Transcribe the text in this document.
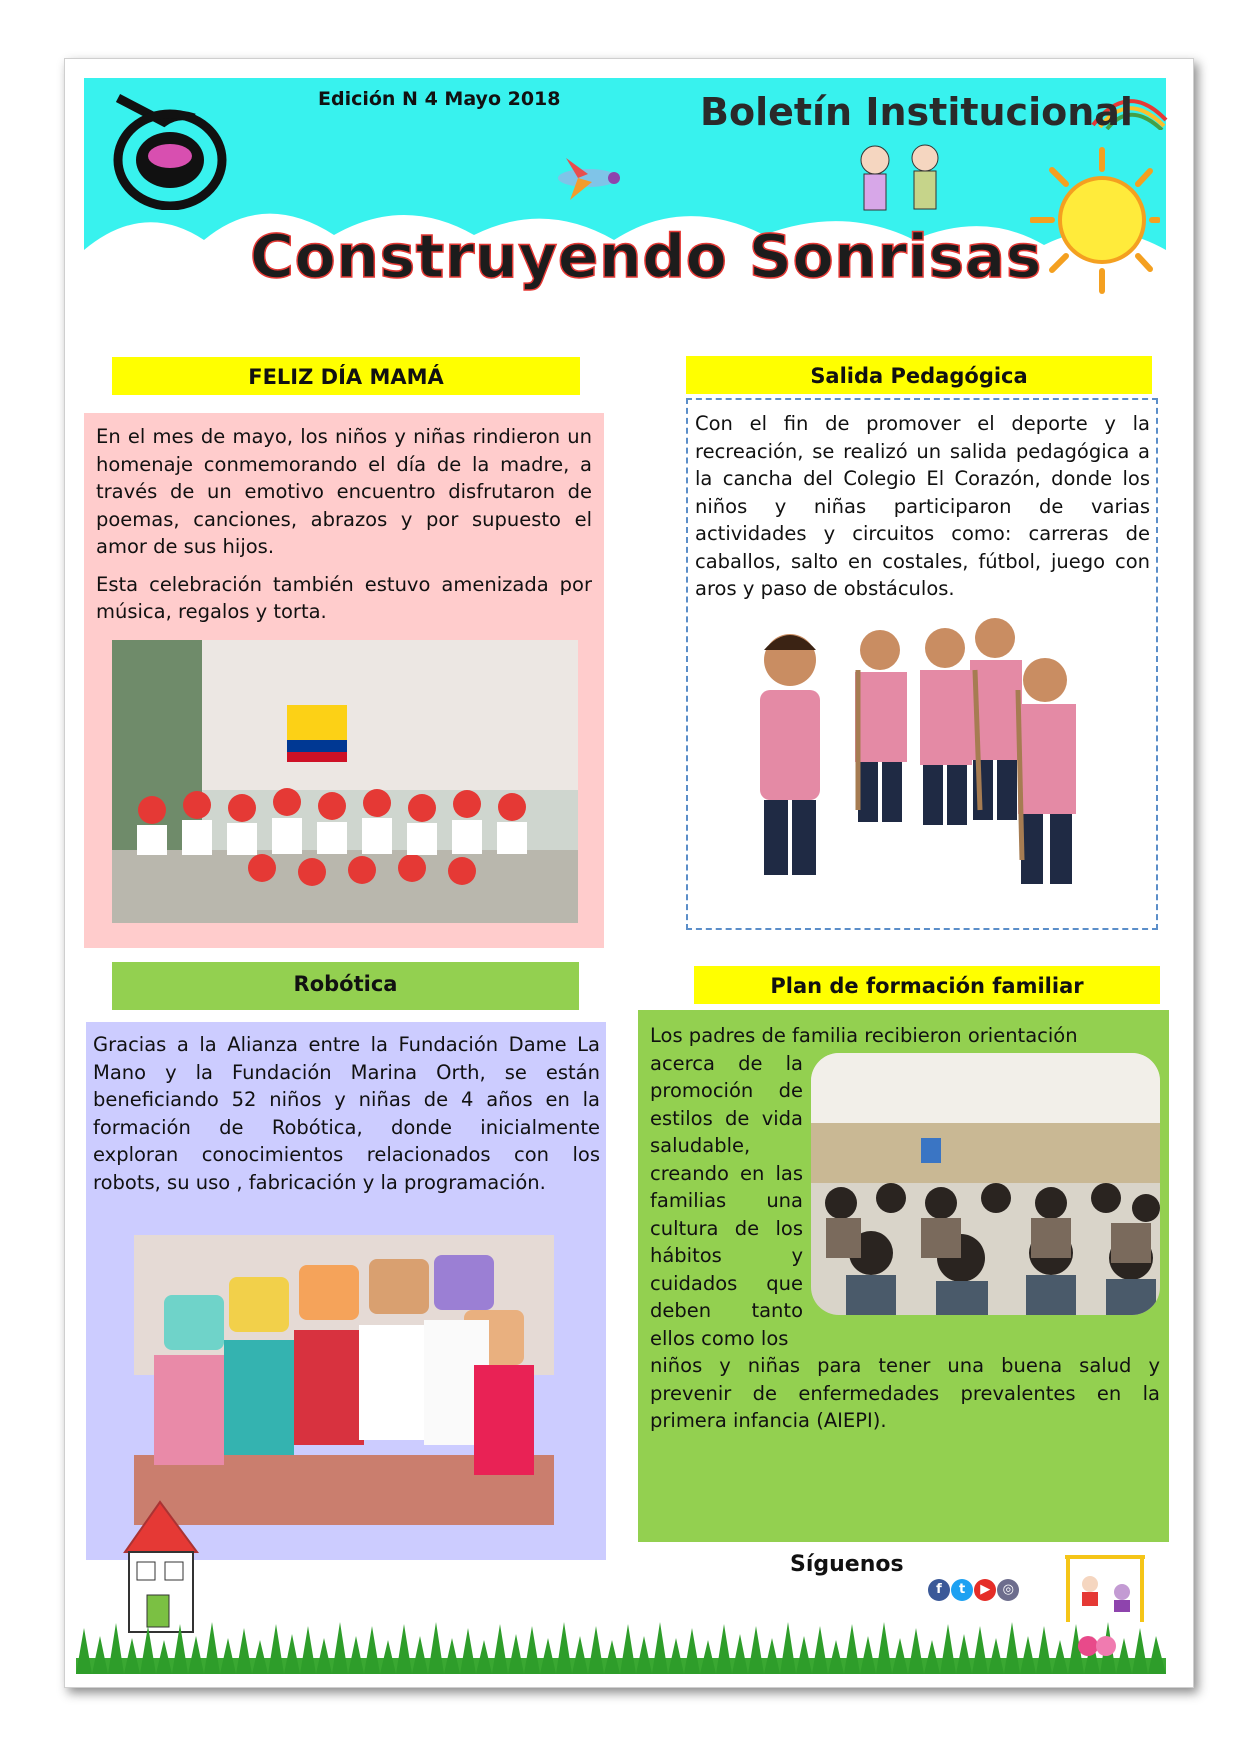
Edición N 4 Mayo 2018	Boletín Institucional
Construyendo Sonrisas
FELIZ DÍA MAMÁ

En el mes de mayo, los niños y niñas rindieron un homenaje conmemorando el día de la madre, a través de un emotivo encuentro disfrutaron de poemas, canciones, abrazos y por supuesto el amor de sus hijos.

Esta celebración también estuvo amenizada por música, regalos y torta.

Salida Pedagógica

Con el fin de promover el deporte y la recreación, se realizó un salida pedagógica a la cancha del Colegio El Corazón, donde los niños y niñas participaron de varias actividades y circuitos como: carreras de caballos, salto en costales, fútbol, juego con aros y paso de obstáculos.

Robótica

Gracias a la Alianza entre la Fundación Dame La Mano y la Fundación Marina Orth, se están beneficiando 52 niños y niñas de 4 años en la formación de Robótica, donde inicialmente exploran conocimientos relacionados con los robots, su uso , fabricación y la programación.

Plan de formación familiar

Los padres de familia recibieron orientación

acerca de la promoción de estilos de vida saludable, creando en las familias una cultura de los hábitos y cuidados que deben tanto ellos como los

niños y niñas para tener una buena salud y prevenir de enfermedades prevalentes en la primera infancia (AIEPI).

Síguenos
f t ▶ ◎
